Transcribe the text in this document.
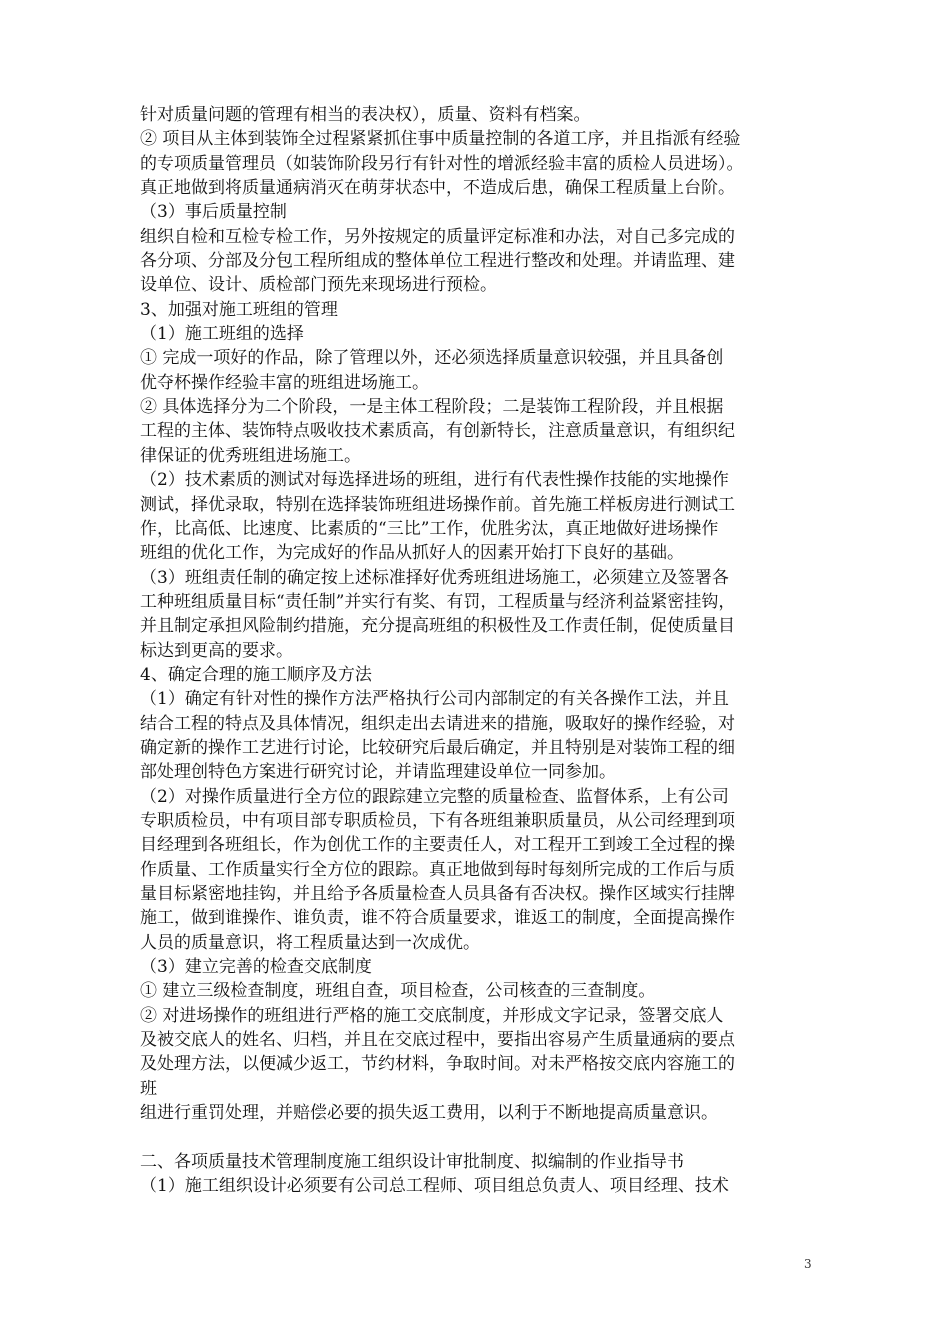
针对质量问题的管理有相当的表决权），质量、资料有档案。
② 项目从主体到装饰全过程紧紧抓住事中质量控制的各道工序，并且指派有经验
的专项质量管理员（如装饰阶段另行有针对性的增派经验丰富的质检人员进场）。
真正地做到将质量通病消灭在萌芽状态中，不造成后患，确保工程质量上台阶。
（3）事后质量控制
组织自检和互检专检工作，另外按规定的质量评定标准和办法，对自己多完成的
各分项、分部及分包工程所组成的整体单位工程进行整改和处理。并请监理、建
设单位、设计、质检部门预先来现场进行预检。
3、加强对施工班组的管理
（1）施工班组的选择
① 完成一项好的作品，除了管理以外，还必须选择质量意识较强，并且具备创
优夺杯操作经验丰富的班组进场施工。
② 具体选择分为二个阶段，一是主体工程阶段；二是装饰工程阶段，并且根据
工程的主体、装饰特点吸收技术素质高，有创新特长，注意质量意识，有组织纪
律保证的优秀班组进场施工。
（2）技术素质的测试对每选择进场的班组，进行有代表性操作技能的实地操作
测试，择优录取，特别在选择装饰班组进场操作前。首先施工样板房进行测试工
作，比高低、比速度、比素质的“三比”工作，优胜劣汰，真正地做好进场操作
班组的优化工作，为完成好的作品从抓好人的因素开始打下良好的基础。
（3）班组责任制的确定按上述标准择好优秀班组进场施工，必须建立及签署各
工种班组质量目标“责任制”并实行有奖、有罚，工程质量与经济利益紧密挂钩，
并且制定承担风险制约措施，充分提高班组的积极性及工作责任制，促使质量目
标达到更高的要求。
4、确定合理的施工顺序及方法
（1）确定有针对性的操作方法严格执行公司内部制定的有关各操作工法，并且
结合工程的特点及具体情况，组织走出去请进来的措施，吸取好的操作经验，对
确定新的操作工艺进行讨论，比较研究后最后确定，并且特别是对装饰工程的细
部处理创特色方案进行研究讨论，并请监理建设单位一同参加。
（2）对操作质量进行全方位的跟踪建立完整的质量检查、监督体系，上有公司
专职质检员，中有项目部专职质检员，下有各班组兼职质量员，从公司经理到项
目经理到各班组长，作为创优工作的主要责任人，对工程开工到竣工全过程的操
作质量、工作质量实行全方位的跟踪。真正地做到每时每刻所完成的工作后与质
量目标紧密地挂钩，并且给予各质量检查人员具备有否决权。操作区域实行挂牌
施工，做到谁操作、谁负责，谁不符合质量要求，谁返工的制度，全面提高操作
人员的质量意识，将工程质量达到一次成优。
（3）建立完善的检查交底制度
① 建立三级检查制度，班组自查，项目检查，公司核查的三查制度。
② 对进场操作的班组进行严格的施工交底制度，并形成文字记录，签署交底人
及被交底人的姓名、归档，并且在交底过程中，要指出容易产生质量通病的要点
及处理方法，以便减少返工，节约材料，争取时间。对未严格按交底内容施工的
班
组进行重罚处理，并赔偿必要的损失返工费用，以利于不断地提高质量意识。
二、各项质量技术管理制度施工组织设计审批制度、拟编制的作业指导书
（1）施工组织设计必须要有公司总工程师、项目组总负责人、项目经理、技术
3
